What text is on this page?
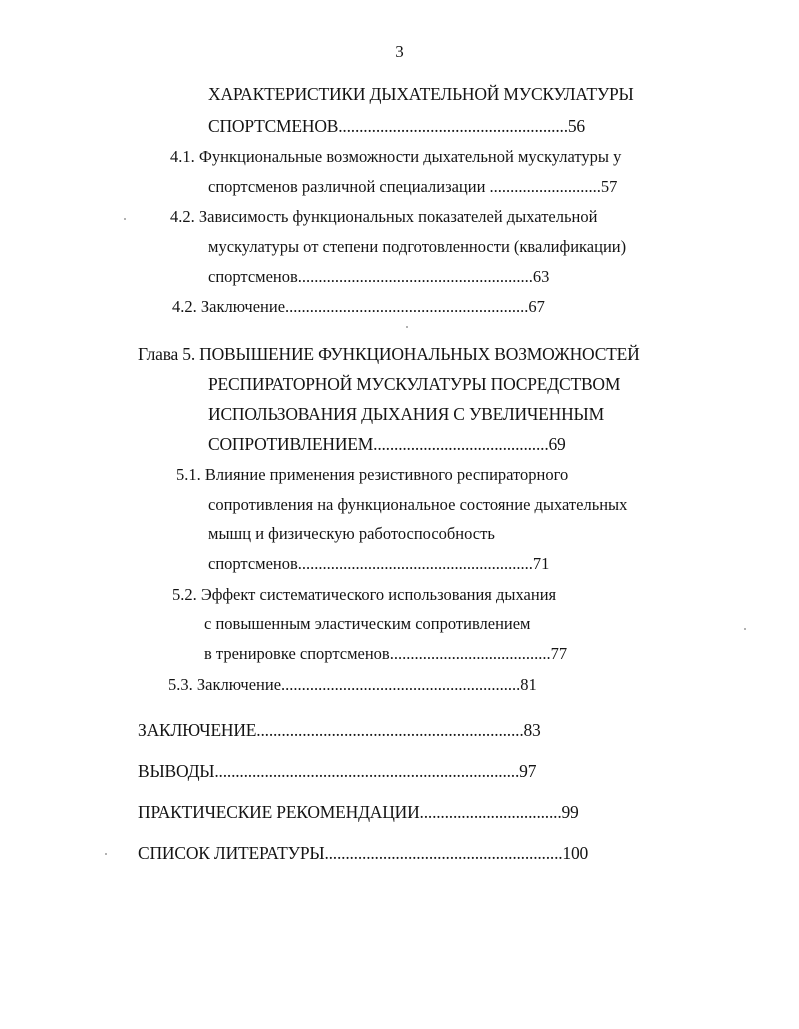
3
ХАРАКТЕРИСТИКИ ДЫХАТЕЛЬНОЙ МУСКУЛАТУРЫ
СПОРТСМЕНОВ.......................................................56
4.1. Функциональные возможности дыхательной мускулатуры у
спортсменов различной специализации ...........................57
4.2. Зависимость функциональных показателей дыхательной
мускулатуры от степени подготовленности (квалификации)
спортсменов.........................................................63
4.2. Заключение...........................................................67
Глава 5. ПОВЫШЕНИЕ ФУНКЦИОНАЛЬНЫХ ВОЗМОЖНОСТЕЙ
РЕСПИРАТОРНОЙ МУСКУЛАТУРЫ ПОСРЕДСТВОМ
ИСПОЛЬЗОВАНИЯ ДЫХАНИЯ С УВЕЛИЧЕННЫМ
СОПРОТИВЛЕНИЕМ..........................................69
5.1. Влияние применения резистивного респираторного
сопротивления на функциональное состояние дыхательных
мышц и физическую работоспособность
спортсменов.........................................................71
5.2. Эффект систематического использования дыхания
с повышенным эластическим сопротивлением
в тренировке спортсменов.......................................77
5.3. Заключение..........................................................81
ЗАКЛЮЧЕНИЕ................................................................83
ВЫВОДЫ.........................................................................97
ПРАКТИЧЕСКИЕ РЕКОМЕНДАЦИИ..................................99
СПИСОК ЛИТЕРАТУРЫ.........................................................100
